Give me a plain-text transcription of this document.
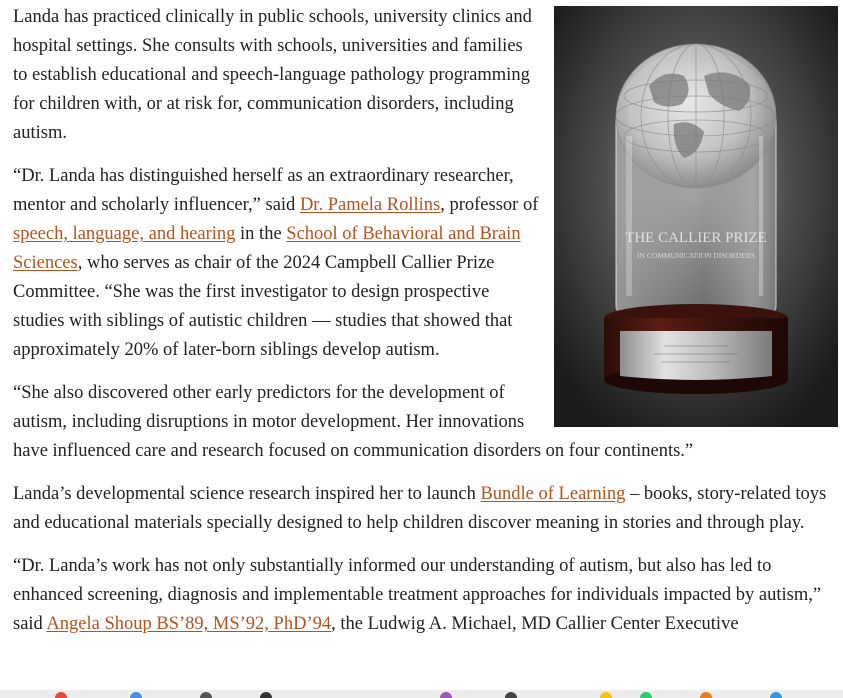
THE CALLIER PRIZE
IN COMMUNICATION DISORDERS

Landa has practiced clinically in public schools, university clinics and hospital settings. She consults with schools, universities and families to establish educational and speech-language pathology programming for children with, or at risk for, communication disorders, including autism.

“Dr. Landa has distinguished herself as an extraordinary researcher, mentor and scholarly influencer,” said Dr. Pamela Rollins, professor of speech, language, and hearing in the School of Behavioral and Brain Sciences, who serves as chair of the 2024 Campbell Callier Prize Committee. “She was the first investigator to design prospective studies with siblings of autistic children — studies that showed that approximately 20% of later-born siblings develop autism.

“She also discovered other early predictors for the development of autism, including disruptions in motor development. Her innovations have influenced care and research focused on communication disorders on four continents.”

Landa’s developmental science research inspired her to launch Bundle of Learning – books, story-related toys and educational materials specially designed to help children discover meaning in stories and through play.

“Dr. Landa’s work has not only substantially informed our understanding of autism, but also has led to enhanced screening, diagnosis and implementable treatment approaches for individuals impacted by autism,” said Angela Shoup BS’89, MS’92, PhD’94, the Ludwig A. Michael, MD Callier Center Executive
